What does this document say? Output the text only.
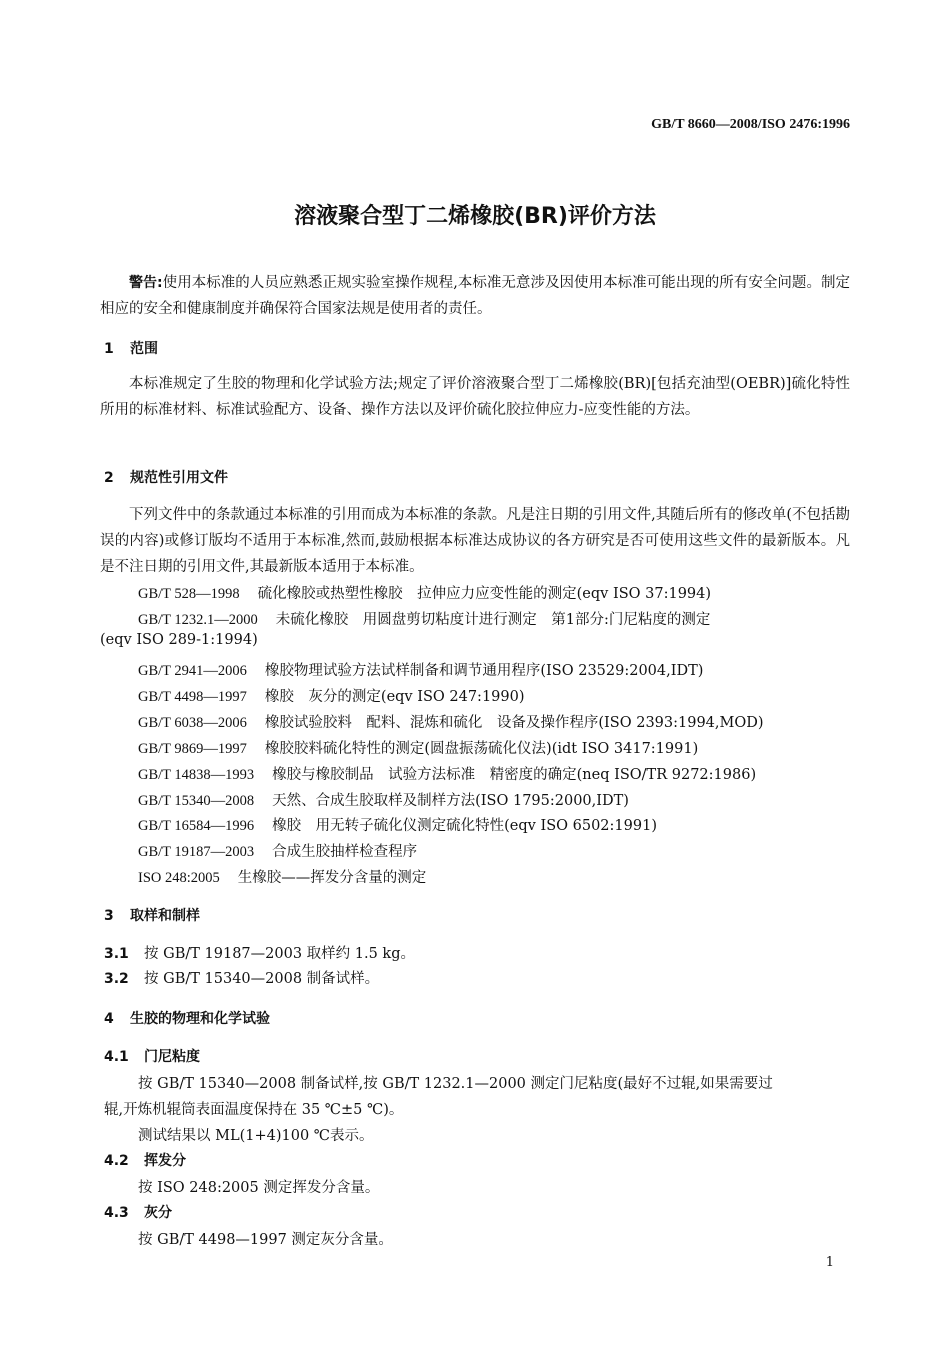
GB/T 8660—2008/ISO 2476:1996
溶液聚合型丁二烯橡胶(BR)评价方法
警告:使用本标准的人员应熟悉正规实验室操作规程,本标准无意涉及因使用本标准可能出现的所有安全问题。制定相应的安全和健康制度并确保符合国家法规是使用者的责任。
1 范围
本标准规定了生胶的物理和化学试验方法;规定了评价溶液聚合型丁二烯橡胶(BR)[包括充油型(OEBR)]硫化特性所用的标准材料、标准试验配方、设备、操作方法以及评价硫化胶拉伸应力-应变性能的方法。
2 规范性引用文件
下列文件中的条款通过本标准的引用而成为本标准的条款。凡是注日期的引用文件,其随后所有的修改单(不包括勘误的内容)或修订版均不适用于本标准,然而,鼓励根据本标准达成协议的各方研究是否可使用这些文件的最新版本。凡是不注日期的引用文件,其最新版本适用于本标准。
GB/T 528—1998 硫化橡胶或热塑性橡胶　拉伸应力应变性能的测定(eqv ISO 37:1994)
GB/T 1232.1—2000 未硫化橡胶　用圆盘剪切粘度计进行测定　第1部分:门尼粘度的测定
(eqv ISO 289-1:1994)
GB/T 2941—2006 橡胶物理试验方法试样制备和调节通用程序(ISO 23529:2004,IDT)
GB/T 4498—1997 橡胶　灰分的测定(eqv ISO 247:1990)
GB/T 6038—2006 橡胶试验胶料　配料、混炼和硫化　设备及操作程序(ISO 2393:1994,MOD)
GB/T 9869—1997 橡胶胶料硫化特性的测定(圆盘振荡硫化仪法)(idt ISO 3417:1991)
GB/T 14838—1993 橡胶与橡胶制品　试验方法标准　精密度的确定(neq ISO/TR 9272:1986)
GB/T 15340—2008 天然、合成生胶取样及制样方法(ISO 1795:2000,IDT)
GB/T 16584—1996 橡胶　用无转子硫化仪测定硫化特性(eqv ISO 6502:1991)
GB/T 19187—2003 合成生胶抽样检查程序
ISO 248:2005 生橡胶——挥发分含量的测定
3 取样和制样
3.1 按 GB/T 19187—2003 取样约 1.5 kg。
3.2 按 GB/T 15340—2008 制备试样。
4 生胶的物理和化学试验
4.1 门尼粘度
按 GB/T 15340—2008 制备试样,按 GB/T 1232.1—2000 测定门尼粘度(最好不过辊,如果需要过
辊,开炼机辊筒表面温度保持在 35 ℃±5 ℃)。
测试结果以 ML(1+4)100 ℃表示。
4.2 挥发分
按 ISO 248:2005 测定挥发分含量。
4.3 灰分
按 GB/T 4498—1997 测定灰分含量。
1
